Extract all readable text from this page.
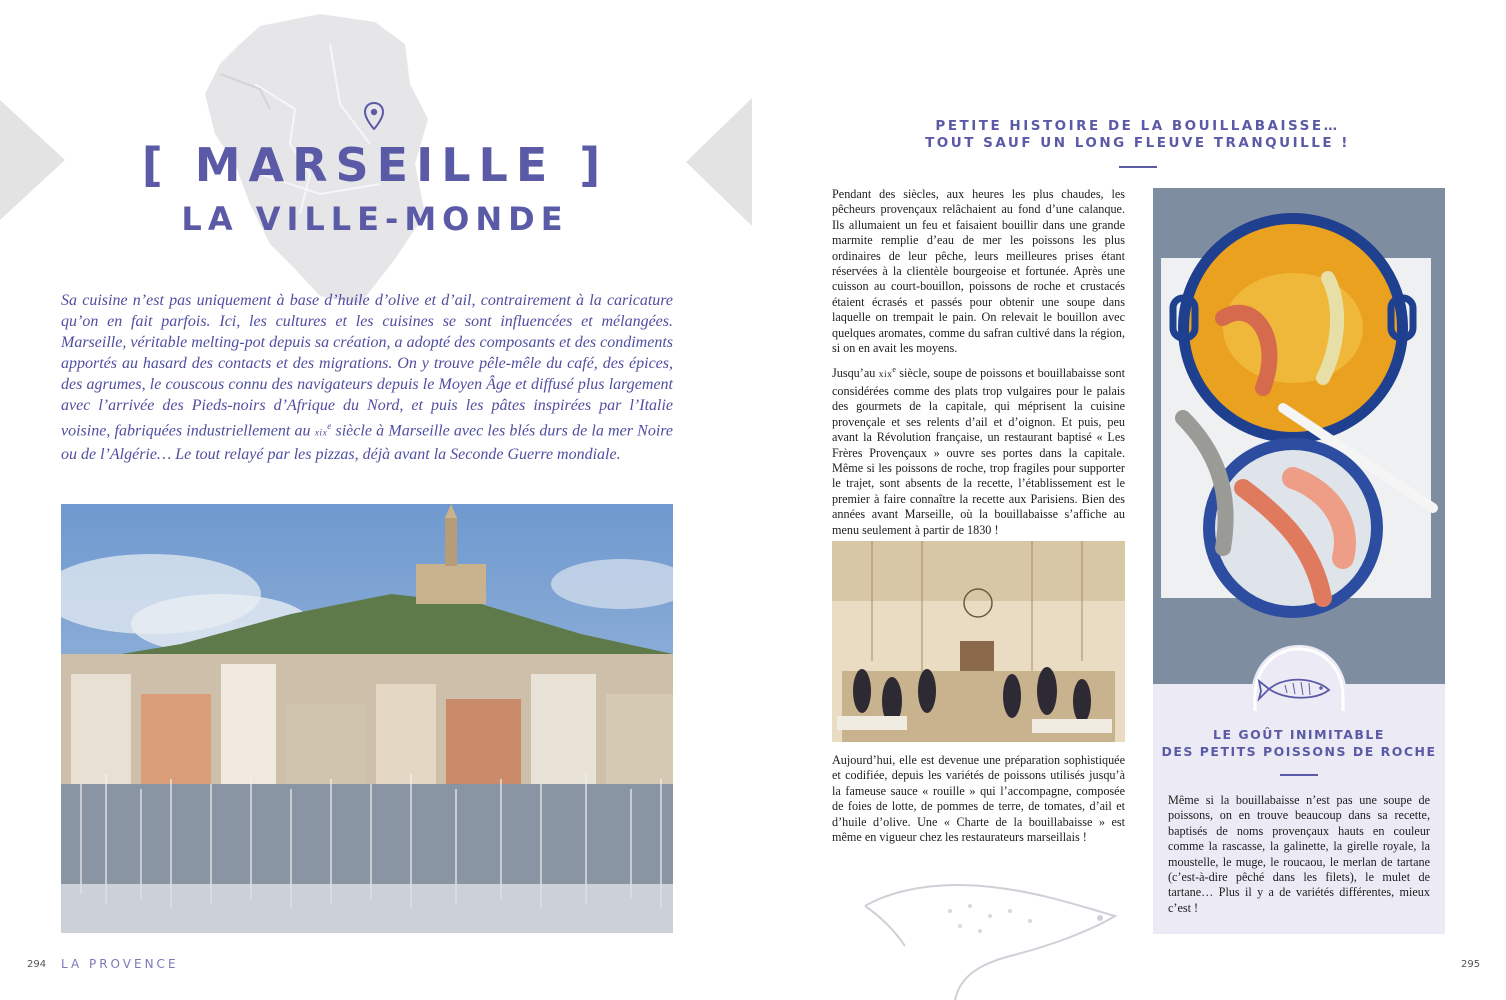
[ MARSEILLE ]
LA VILLE-MONDE
Sa cuisine n’est pas uniquement à base d’huile d’olive et d’ail, contrairement à la caricature qu’on en fait parfois. Ici, les cultures et les cuisines se sont influencées et mélangées. Marseille, véritable melting-pot depuis sa création, a adopté des composants et des condiments apportés au hasard des contacts et des migrations. On y trouve pêle-mêle du café, des épices, des agrumes, le couscous connu des navigateurs depuis le Moyen Âge et diffusé plus largement avec l’arrivée des Pieds-noirs d’Afrique du Nord, et puis les pâtes inspirées par l’Italie voisine, fabriquées industriellement au xix$^e$ siècle à Marseille avec les blés durs de la mer Noire ou de l’Algérie… Le tout relayé par les pizzas, déjà avant la Seconde Guerre mondiale.
294 LA PROVENCE
PETITE HISTOIRE DE LA BOUILLABAISSE…
TOUT SAUF UN LONG FLEUVE TRANQUILLE !

Pendant des siècles, aux heures les plus chaudes, les pêcheurs provençaux relâchaient au fond d’une calanque. Ils allumaient un feu et faisaient bouillir dans une grande marmite remplie d’eau de mer les poissons les plus ordinaires de leur pêche, leurs meilleures prises étant réservées à la clientèle bourgeoise et fortunée. Après une cuisson au court-bouillon, poissons de roche et crustacés étaient écrasés et passés pour obtenir une soupe dans laquelle on trempait le pain. On relevait le bouillon avec quelques aromates, comme du safran cultivé dans la région, si on en avait les moyens.

Jusqu’au xix$^e$ siècle, soupe de poissons et bouillabaisse sont considérées comme des plats trop vulgaires pour le palais des gourmets de la capitale, qui méprisent la cuisine provençale et ses relents d’ail et d’oignon. Et puis, peu avant la Révolution française, un restaurant baptisé « Les Frères Provençaux » ouvre ses portes dans la capitale. Même si les poissons de roche, trop fragiles pour supporter le trajet, sont absents de la recette, l’établissement est le premier à faire connaître la recette aux Parisiens. Bien des années avant Marseille, où la bouillabaisse s’affiche au menu seulement à partir de 1830 !

Aujourd’hui, elle est devenue une préparation sophistiquée et codifiée, depuis les variétés de poissons utilisés jusqu’à la fameuse sauce « rouille » qui l’accompagne, composée de foies de lotte, de pommes de terre, de tomates, d’ail et d’huile d’olive. Une « Charte de la bouillabaisse » est même en vigueur chez les restaurateurs marseillais !

LE GOÛT INIMITABLE
DES PETITS POISSONS DE ROCHE
Même si la bouillabaisse n’est pas une soupe de poissons, on en trouve beaucoup dans sa recette, baptisés de noms provençaux hauts en couleur comme la rascasse, la galinette, la girelle royale, la moustelle, le muge, le roucaou, le merlan de tartane (c’est-à-dire pêché dans les filets), le mulet de tartane… Plus il y a de variétés différentes, mieux c’est !
295
